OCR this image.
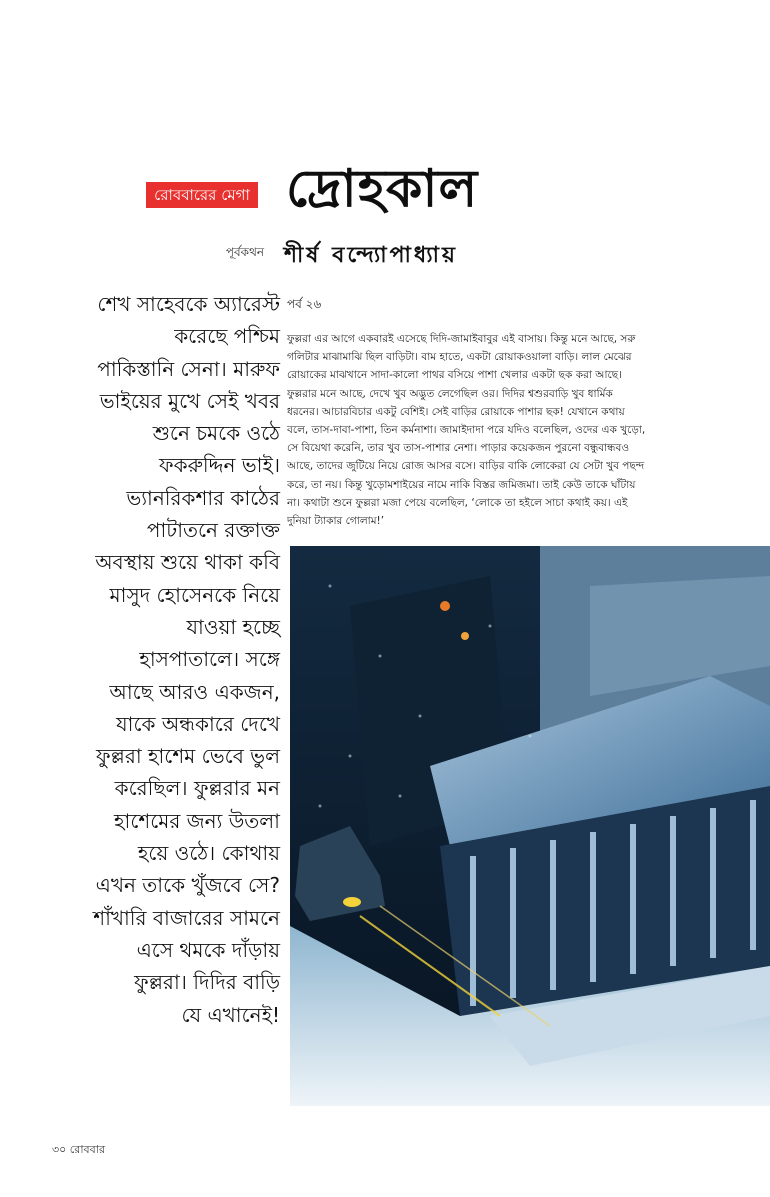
রোববারের মেগা দ্রোহকাল
পূর্বকথন শীর্ষ বন্দ্যোপাধ্যায়
শেখ সাহেবকে অ্যারেস্ট
করেছে পশ্চিম
পাকিস্তানি সেনা। মারুফ
ভাইয়ের মুখে সেই খবর
শুনে চমকে ওঠে
ফকরুদ্দিন ভাই।
ভ্যানরিকশার কাঠের
পাটাতনে রক্তাক্ত
অবস্থায় শুয়ে থাকা কবি
মাসুদ হোসেনকে নিয়ে
যাওয়া হচ্ছে
হাসপাতালে। সঙ্গে
আছে আরও একজন,
যাকে অন্ধকারে দেখে
ফুল্লরা হাশেম ভেবে ভুল
করেছিল। ফুল্লরার মন
হাশেমের জন্য উতলা
হয়ে ওঠে। কোথায়
এখন তাকে খুঁজবে সে?
শাঁখারি বাজারের সামনে
এসে থমকে দাঁড়ায়
ফুল্লরা। দিদির বাড়ি
যে এখানেই!
পর্ব ২৬
ফুল্লরা এর আগে একবারই এসেছে দিদি-জামাইবাবুর এই বাসায়। কিন্তু মনে আছে, সরু
গলিটার মাঝামাঝি ছিল বাড়িটা। বাম হাতে, একটা রোয়াকওয়ালা বাড়ি। লাল মেঝের
রোয়াকের মাঝখানে সাদা-কালো পাথর বসিয়ে পাশা খেলার একটা ছক করা আছে।
ফুল্লরার মনে আছে, দেখে খুব অদ্ভুত লেগেছিল ওর। দিদির শ্বশুরবাড়ি খুব ধার্মিক
ধরনের। আচারবিচার একটু বেশিই। সেই বাড়ির রোয়াকে পাশার ছক! যেখানে কথায়
বলে, তাস-দাবা-পাশা, তিন কর্মনাশা। জামাইদাদা পরে যদিও বলেছিল, ওদের এক খুড়ো,
সে বিয়েথা করেনি, তার খুব তাস-পাশার নেশা। পাড়ার কয়েকজন পুরনো বন্ধুবান্ধবও
আছে, তাদের জুটিয়ে নিয়ে রোজ আসর বসে। বাড়ির বাকি লোকেরা যে সেটা খুব পছন্দ
করে, তা নয়। কিন্তু খুড়োমশাইয়ের নামে নাকি বিস্তর জমিজমা। তাই কেউ তাকে ঘাঁটায়
না। কথাটা শুনে ফুল্লরা মজা পেয়ে বলেছিল, ‘লোকে তা হইলে সাচা কথাই কয়। এই
দুনিয়া ট্যাকার গোলাম!’
৩০ রোববার
